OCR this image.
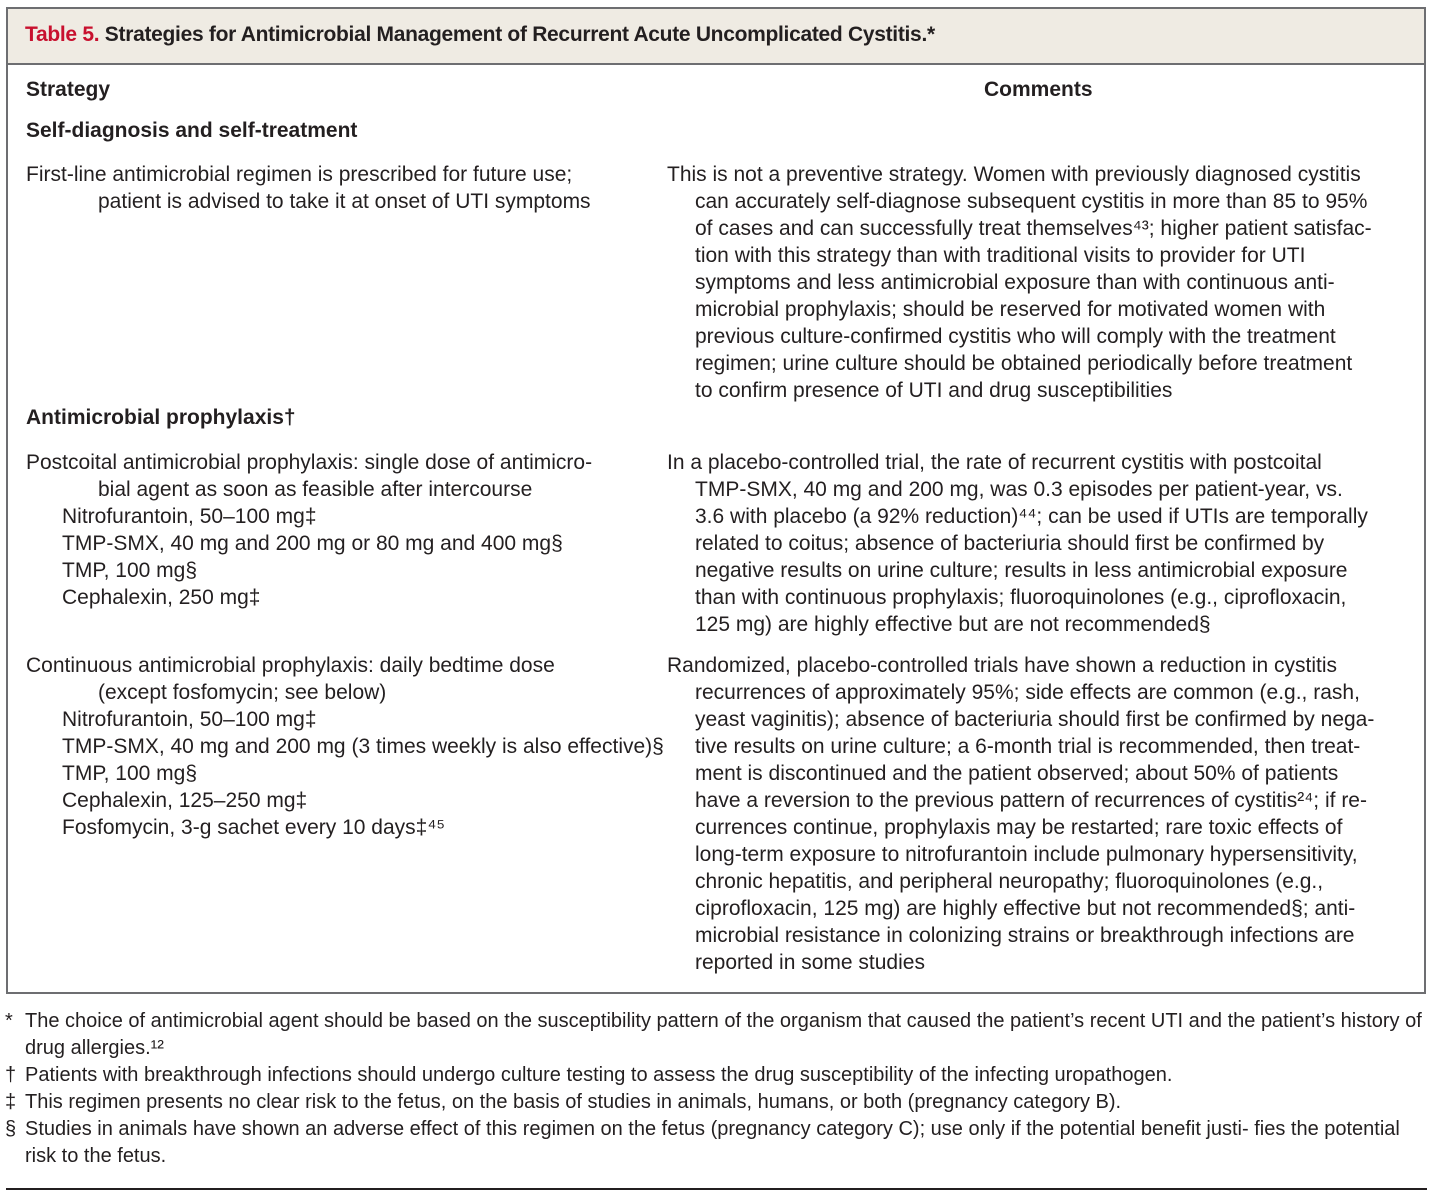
Table 5. Strategies for Antimicrobial Management of Recurrent Acute Uncomplicated Cystitis.*
Strategy	Comments
Self-diagnosis and self-treatment
First-line antimicrobial regimen is prescribed for future use;
patient is advised to take it at onset of UTI symptoms
This is not a preventive strategy. Women with previously diagnosed cystitis
can accurately self-diagnose subsequent cystitis in more than 85 to 95%
of cases and can successfully treat themselves⁴³; higher patient satisfac-
tion with this strategy than with traditional visits to provider for UTI
symptoms and less antimicrobial exposure than with continuous anti-
microbial prophylaxis; should be reserved for motivated women with
previous culture-confirmed cystitis who will comply with the treatment
regimen; urine culture should be obtained periodically before treatment
to confirm presence of UTI and drug susceptibilities
Antimicrobial prophylaxis†
Postcoital antimicrobial prophylaxis: single dose of antimicro-
bial agent as soon as feasible after intercourse
Nitrofurantoin, 50–100 mg‡
TMP-SMX, 40 mg and 200 mg or 80 mg and 400 mg§
TMP, 100 mg§
Cephalexin, 250 mg‡
In a placebo-controlled trial, the rate of recurrent cystitis with postcoital
TMP-SMX, 40 mg and 200 mg, was 0.3 episodes per patient-year, vs.
3.6 with placebo (a 92% reduction)⁴⁴; can be used if UTIs are temporally
related to coitus; absence of bacteriuria should first be confirmed by
negative results on urine culture; results in less antimicrobial exposure
than with continuous prophylaxis; fluoroquinolones (e.g., ciprofloxacin,
125 mg) are highly effective but are not recommended§
Continuous antimicrobial prophylaxis: daily bedtime dose
(except fosfomycin; see below)
Nitrofurantoin, 50–100 mg‡
TMP-SMX, 40 mg and 200 mg (3 times weekly is also effective)§
TMP, 100 mg§
Cephalexin, 125–250 mg‡
Fosfomycin, 3-g sachet every 10 days‡⁴⁵
Randomized, placebo-controlled trials have shown a reduction in cystitis
recurrences of approximately 95%; side effects are common (e.g., rash,
yeast vaginitis); absence of bacteriuria should first be confirmed by nega-
tive results on urine culture; a 6-month trial is recommended, then treat-
ment is discontinued and the patient observed; about 50% of patients
have a reversion to the previous pattern of recurrences of cystitis²⁴; if re-
currences continue, prophylaxis may be restarted; rare toxic effects of
long-term exposure to nitrofurantoin include pulmonary hypersensitivity,
chronic hepatitis, and peripheral neuropathy; fluoroquinolones (e.g.,
ciprofloxacin, 125 mg) are highly effective but not recommended§; anti-
microbial resistance in colonizing strains or breakthrough infections are
reported in some studies
* The choice of antimicrobial agent should be based on the susceptibility pattern of the organism that caused the patient’s recent UTI and the patient’s history of drug allergies.¹²
† Patients with breakthrough infections should undergo culture testing to assess the drug susceptibility of the infecting uropathogen.
‡ This regimen presents no clear risk to the fetus, on the basis of studies in animals, humans, or both (pregnancy category B).
§ Studies in animals have shown an adverse effect of this regimen on the fetus (pregnancy category C); use only if the potential benefit justi- fies the potential risk to the fetus.
